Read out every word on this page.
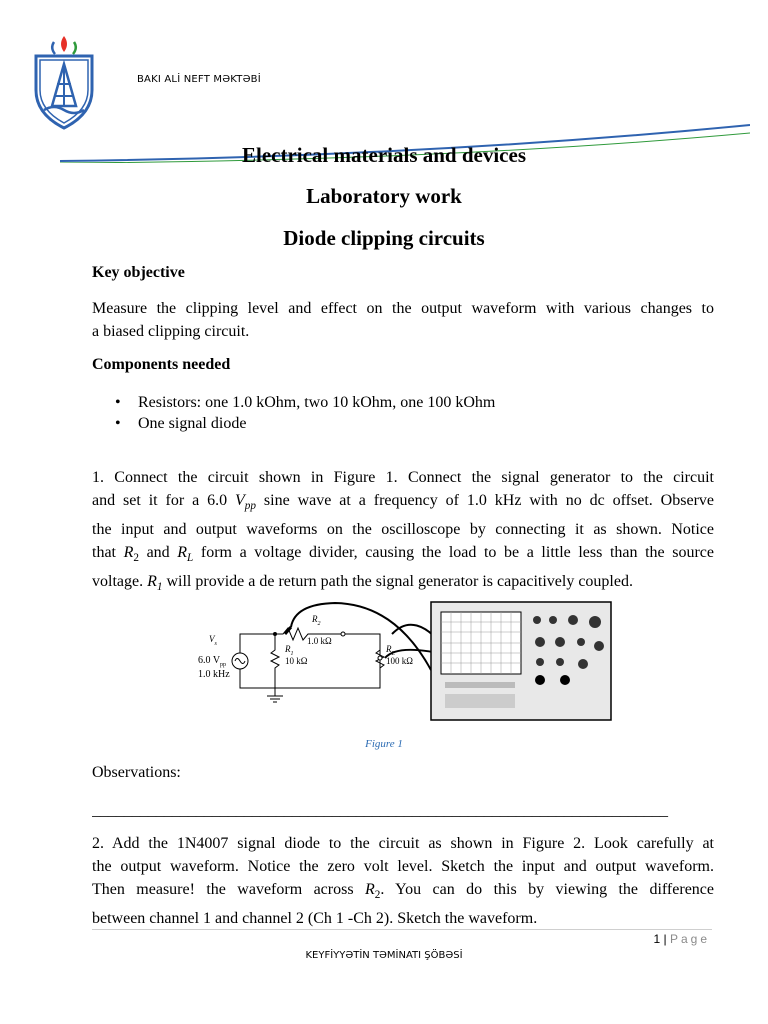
BAKI ALİ NEFT MƏKTƏBİ
Electrical materials and devices
Laboratory work
Diode clipping circuits
Key objective
Measure the clipping level and effect on the output waveform with various changes to
a biased clipping circuit.
Components needed
• Resistors: one 1.0 kOhm, two 10 kOhm, one 100 kOhm
• One signal diode
1. Connect the circuit shown in Figure 1. Connect the signal generator to the circuit
and set it for a 6.0 $V_{pp}$ sine wave at a frequency of 1.0 kHz with no dc offset. Observe
the input and output waveforms on the oscilloscope by connecting it as shown. Notice
that $R_2$ and $R_L$ form a voltage divider, causing the load to be a little less than the source
voltage. $R_1$ will provide a de return path the signal generator is capacitively coupled.
$V_s$
6.0 $V_{pp}$
1.0 kHz
$R_1$
10 kΩ
$R_2$
1.0 kΩ
$R_L$
100 kΩ
Figure 1
Observations:
________________________________________________________________________
2. Add the 1N4007 signal diode to the circuit as shown in Figure 2. Look carefully at
the output waveform. Notice the zero volt level. Sketch the input and output waveform.
Then measure! the waveform across $R_2$. You can do this by viewing the difference
between channel 1 and channel 2 (Ch 1 -Ch 2). Sketch the waveform.
1 | Page
KEYFİYYƏTİN TƏMİNATI ŞÖBƏSİ
